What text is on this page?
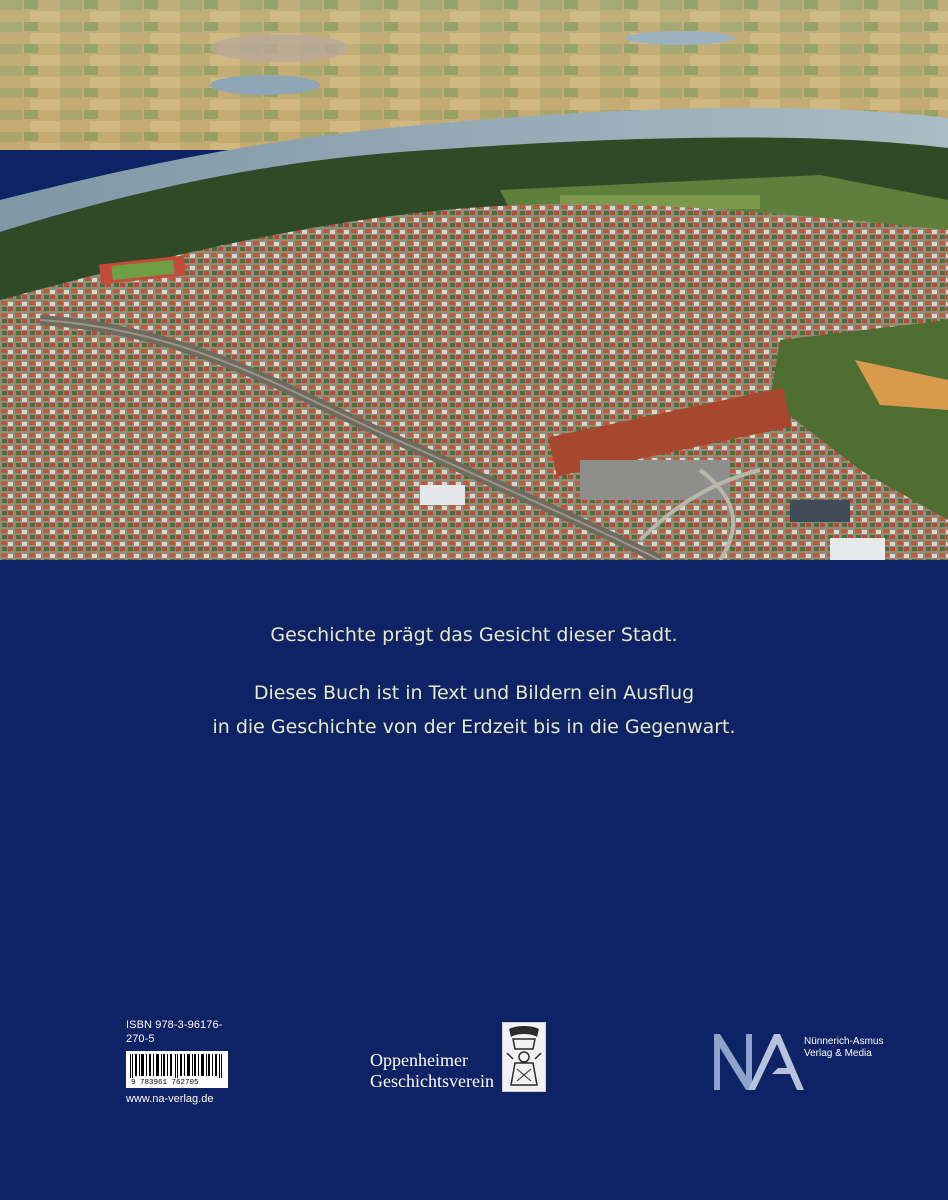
Geschichte prägt das Gesicht dieser Stadt.

Dieses Buch ist in Text und Bildern ein Ausflug

in die Geschichte von der Erdzeit bis in die Gegenwart.

ISBN 978-3-96176-270-5
9 783961 762705
www.na-verlag.de
Oppenheimer
Geschichtsverein
Nünnerich-Asmus
Verlag & Media
